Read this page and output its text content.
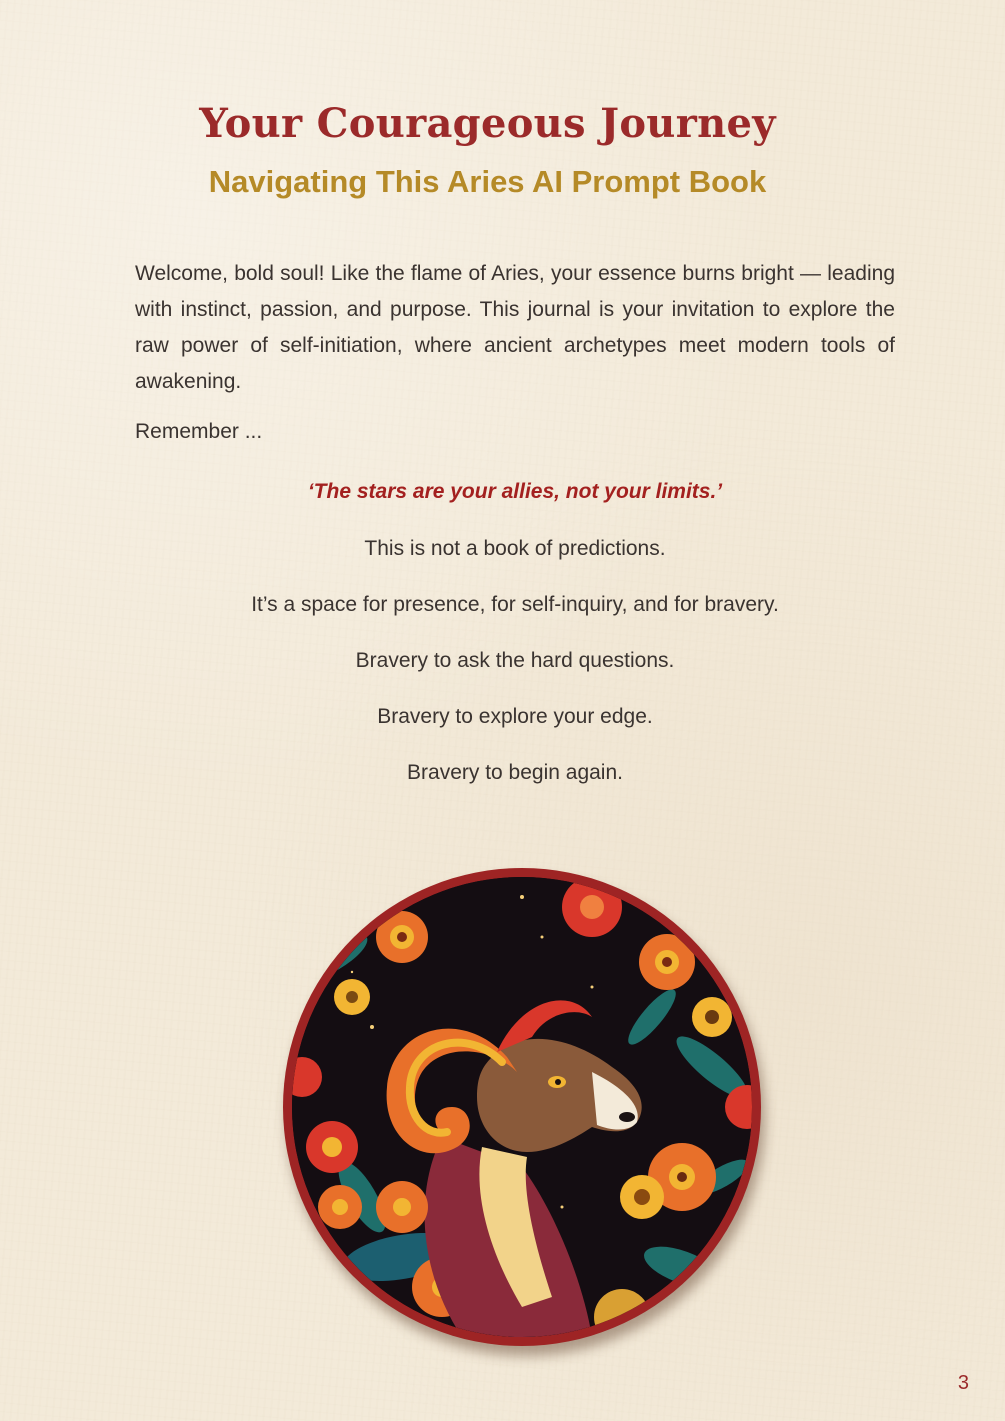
Your Courageous Journey
Navigating This Aries AI Prompt Book

Welcome, bold soul! Like the flame of Aries, your essence burns bright — leading with instinct, passion, and purpose. This journal is your invitation to explore the raw power of self-initiation, where ancient archetypes meet modern tools of awakening.

Remember ...

‘The stars are your allies, not your limits.’

This is not a book of predictions.

It’s a space for presence, for self-inquiry, and for bravery.

Bravery to ask the hard questions.

Bravery to explore your edge.

Bravery to begin again.

3
